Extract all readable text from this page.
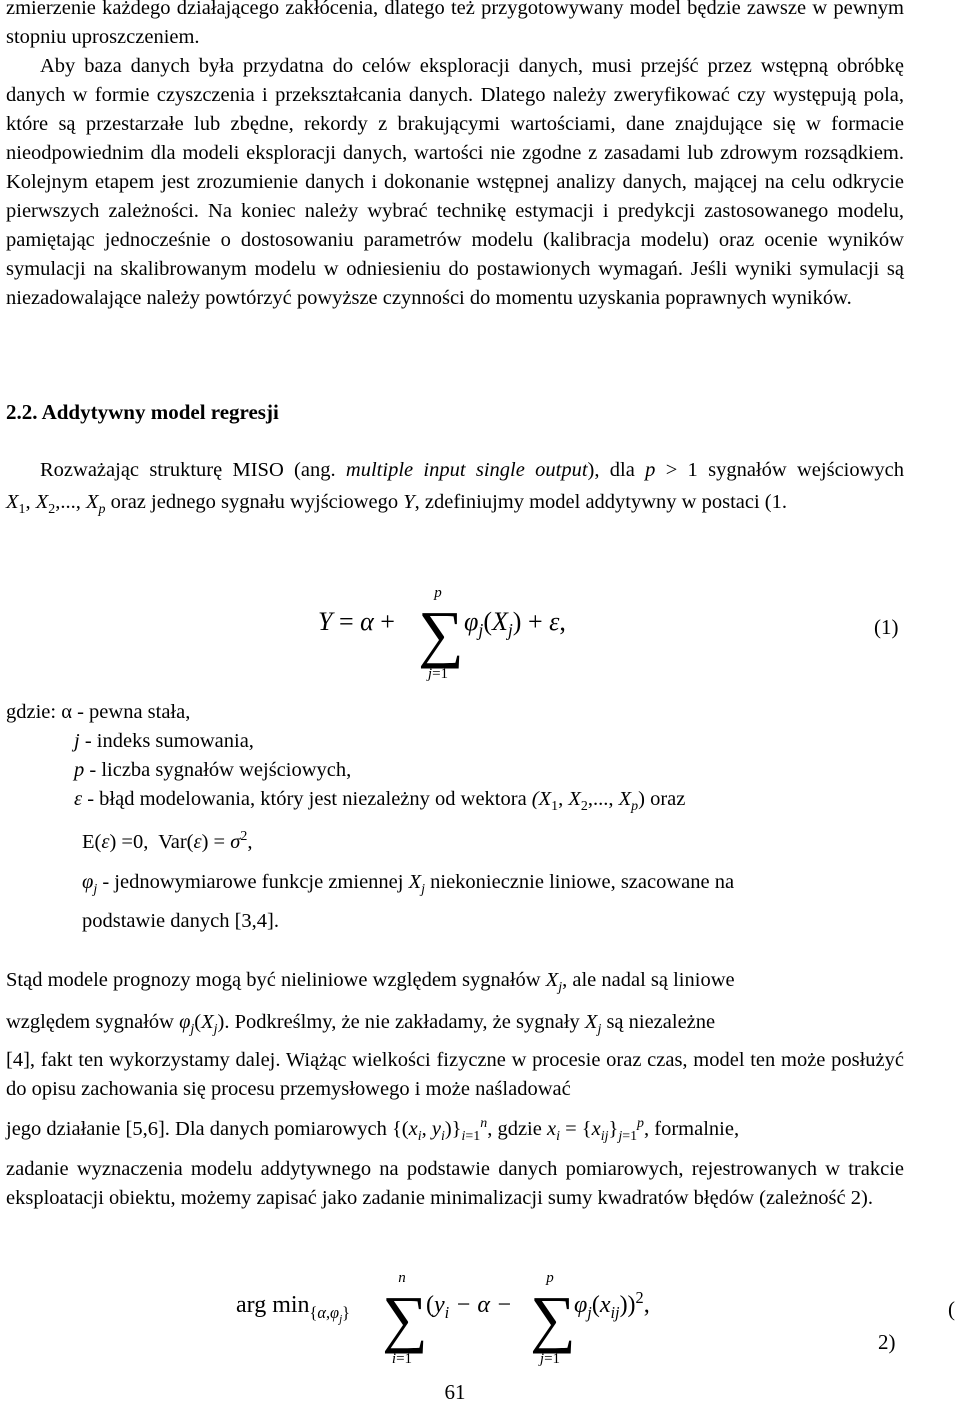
zmierzenie każdego działającego zakłócenia, dlatego też przygotowywany model będzie zawsze w pewnym stopniu uproszczeniem.

Aby baza danych była przydatna do celów eksploracji danych, musi przejść przez wstępną obróbkę danych w formie czyszczenia i przekształcania danych. Dlatego należy zweryfikować czy występują pola, które są przestarzałe lub zbędne, rekordy z brakującymi wartościami, dane znajdujące się w formacie nieodpowiednim dla modeli eksploracji danych, wartości nie zgodne z zasadami lub zdrowym rozsądkiem. Kolejnym etapem jest zrozumienie danych i dokonanie wstępnej analizy danych, mającej na celu odkrycie pierwszych zależności. Na koniec należy wybrać technikę estymacji i predykcji zastosowanego modelu, pamiętając jednocześnie o dostosowaniu parametrów modelu (kalibracja modelu) oraz ocenie wyników symulacji na skalibrowanym modelu w odniesieniu do postawionych wymagań. Jeśli wyniki symulacji są niezadowalające należy powtórzyć powyższe czynności do momentu uzyskania poprawnych wyników.

2.2. Addytywny model regresji

Rozważając strukturę MISO (ang. multiple input single output), dla p > 1 sygnałów wejściowych $X_1$, $X_2$,..., $X_p$ oraz jednego sygnału wyjściowego Y, zdefiniujmy model addytywny w postaci (1.

Y = α +
p
∑
j=1
$\varphi_j(X_j) + \varepsilon$,	(1)
gdzie: α - pewna stała,
j - indeks sumowania,
p - liczba sygnałów wejściowych,
ε - błąd modelowania, który jest niezależny od wektora ($X_1$, $X_2$,..., $X_p$) oraz
E(ε) =0,  $Var(\varepsilon) = \sigma^2$,
$\varphi_j$ - jednowymiarowe funkcje zmiennej $X_j$ niekoniecznie liniowe, szacowane na
podstawie danych [3,4].
Stąd modele prognozy mogą być nieliniowe względem sygnałów $X_j$, ale nadal są liniowe
względem sygnałów $\varphi_j(X_j)$. Podkreślmy, że nie zakładamy, że sygnały $X_j$ są niezależne

[4], fakt ten wykorzystamy dalej. Wiążąc wielkości fizyczne w procesie oraz czas, model ten może posłużyć do opisu zachowania się procesu przemysłowego i może naśladować

jego działanie [5,6]. Dla danych pomiarowych {($x_i$, $y_i)\}_{i=1}^n$, gdzie $x_i = \{x_{ij}\}_{j=1}^p$, formalnie,

zadanie wyznaczenia modelu addytywnego na podstawie danych pomiarowych, rejestrowanych w trakcie eksploatacji obiektu, możemy zapisać jako zadanie minimalizacji sumy kwadratów błędów (zależność 2).

arg $\min_{\{\alpha,\varphi_j\}}$
n
∑
i=1
($y_i - \alpha$ −
p
∑
j=1
$\varphi_j(x_{ij}))^2$,	(
2)
61
